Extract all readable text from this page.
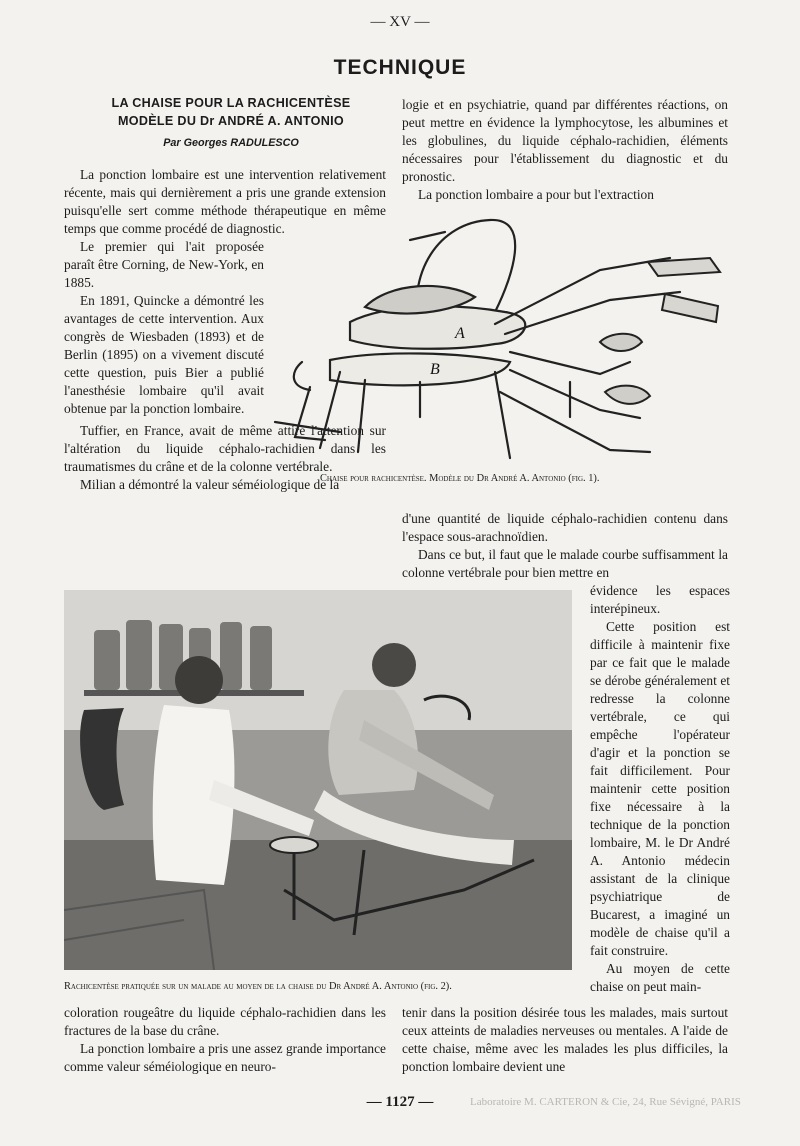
— XV —
TECHNIQUE
LA CHAISE POUR LA RACHICENTÈSE
MODÈLE DU Dr ANDRÉ A. ANTONIO
Par Georges RADULESCO

La ponction lombaire est une intervention relativement récente, mais qui dernièrement a pris une grande extension puisqu'elle sert comme méthode thérapeutique en même temps que comme procédé de diagnostic.

Le premier qui l'ait proposée paraît être Corning, de New-York, en 1885.

En 1891, Quincke a démontré les avantages de cette intervention. Aux congrès de Wiesbaden (1893) et de Berlin (1895) on a vivement discuté cette question, puis Bier a publié l'anesthésie lombaire qu'il avait obtenue par la ponction lombaire.

Tuffier, en France, avait de même attiré l'attention sur l'altération du liquide céphalo-rachidien dans les traumatismes du crâne et de la colonne vertébrale.

Milian a démontré la valeur séméiologique de la

logie et en psychiatrie, quand par différentes réactions, on peut mettre en évidence la lymphocytose, les albumines et les globulines, du liquide céphalo-rachidien, éléments nécessaires pour l'établissement du diagnostic et du pronostic.

La ponction lombaire a pour but l'extraction

A
B
Chaise pour rachicentèse. Modèle du Dr André A. Antonio (fig. 1).

d'une quantité de liquide céphalo-rachidien contenu dans l'espace sous-arachnoïdien.

Dans ce but, il faut que le malade courbe suffisamment la colonne vertébrale pour bien mettre en

Rachicentèse pratiquée sur un malade au moyen de la chaise du Dr André A. Antonio (fig. 2).

évidence les espaces interépineux.

Cette position est difficile à maintenir fixe par ce fait que le malade se dérobe généralement et redresse la colonne vertébrale, ce qui empêche l'opérateur d'agir et la ponction se fait difficilement. Pour maintenir cette position fixe nécessaire à la technique de la ponction lombaire, M. le Dr André A. Antonio médecin assistant de la clinique psychiatrique de Bucarest, a imaginé un modèle de chaise qu'il a fait construire.

Au moyen de cette chaise on peut main-

coloration rougeâtre du liquide céphalo-rachidien dans les fractures de la base du crâne.

La ponction lombaire a pris une assez grande importance comme valeur séméiologique en neuro-

tenir dans la position désirée tous les malades, mais surtout ceux atteints de maladies nerveuses ou mentales. A l'aide de cette chaise, même avec les malades les plus difficiles, la ponction lombaire devient une

Laboratoire M. CARTERON & Cie, 24, Rue Sévigné, PARIS
— 1127 —
